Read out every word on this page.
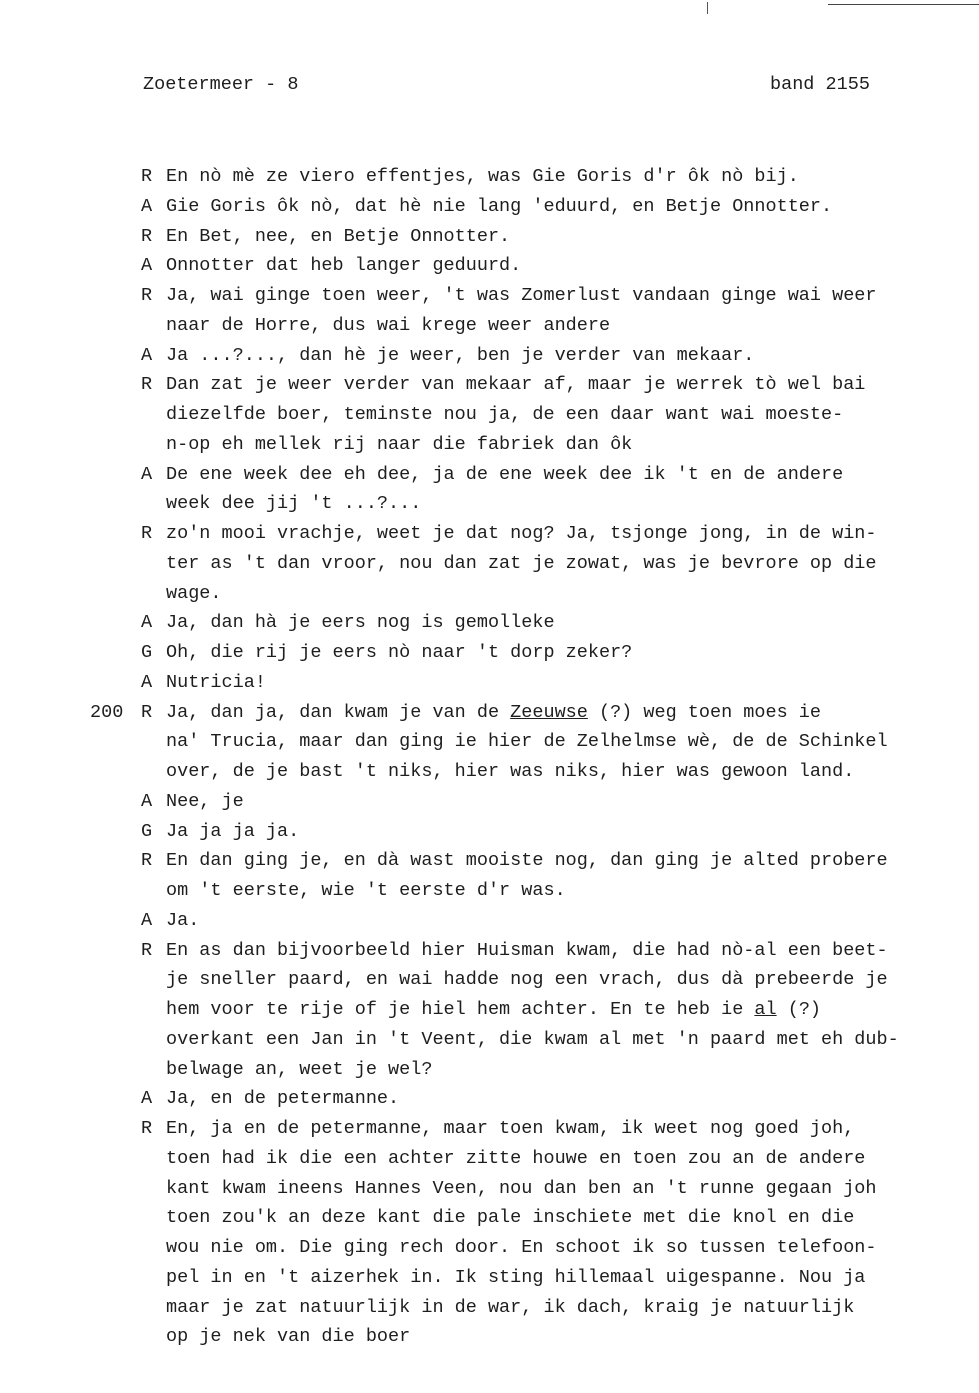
Zoetermeer - 8	band 2155
R En nò mè ze viero effentjes, was Gie Goris d'r ôk nò bij.
A Gie Goris ôk nò, dat hè nie lang 'eduurd, en Betje Onnotter.
R En Bet, nee, en Betje Onnotter.
A Onnotter dat heb langer geduurd.
R Ja, wai ginge toen weer, 't was Zomerlust vandaan ginge wai weer
naar de Horre, dus wai krege weer andere
A Ja ...?..., dan hè je weer, ben je verder van mekaar.
R Dan zat je weer verder van mekaar af, maar je werrek tò wel bai
diezelfde boer, teminste nou ja, de een daar want wai moeste-
n-op eh mellek rij naar die fabriek dan ôk
A De ene week dee eh dee, ja de ene week dee ik 't en de andere
week dee jij 't ...?...
R zo'n mooi vrachje, weet je dat nog? Ja, tsjonge jong, in de win-
ter as 't dan vroor, nou dan zat je zowat, was je bevrore op die
wage.
A Ja, dan hà je eers nog is gemolleke
G Oh, die rij je eers nò naar 't dorp zeker?
A Nutricia!
200 R Ja, dan ja, dan kwam je van de Zeeuwse (?) weg toen moes ie
na' Trucia, maar dan ging ie hier de Zelhelmse wè, de de Schinkel
over, de je bast 't niks, hier was niks, hier was gewoon land.
A Nee, je
G Ja ja ja ja.
R En dan ging je, en dà wast mooiste nog, dan ging je alted probere
om 't eerste, wie 't eerste d'r was.
A Ja.
R En as dan bijvoorbeeld hier Huisman kwam, die had nò-al een beet-
je sneller paard, en wai hadde nog een vrach, dus dà prebeerde je
hem voor te rije of je hiel hem achter. En te heb ie al (?)
overkant een Jan in 't Veent, die kwam al met 'n paard met eh dub-
belwage an, weet je wel?
A Ja, en de petermanne.
R En, ja en de petermanne, maar toen kwam, ik weet nog goed joh,
toen had ik die een achter zitte houwe en toen zou an de andere
kant kwam ineens Hannes Veen, nou dan ben an 't runne gegaan joh
toen zou'k an deze kant die pale inschiete met die knol en die
wou nie om. Die ging rech door. En schoot ik so tussen telefoon-
pel in en 't aizerhek in. Ik sting hillemaal uigespanne. Nou ja
maar je zat natuurlijk in de war, ik dach, kraig je natuurlijk
op je nek van die boer
